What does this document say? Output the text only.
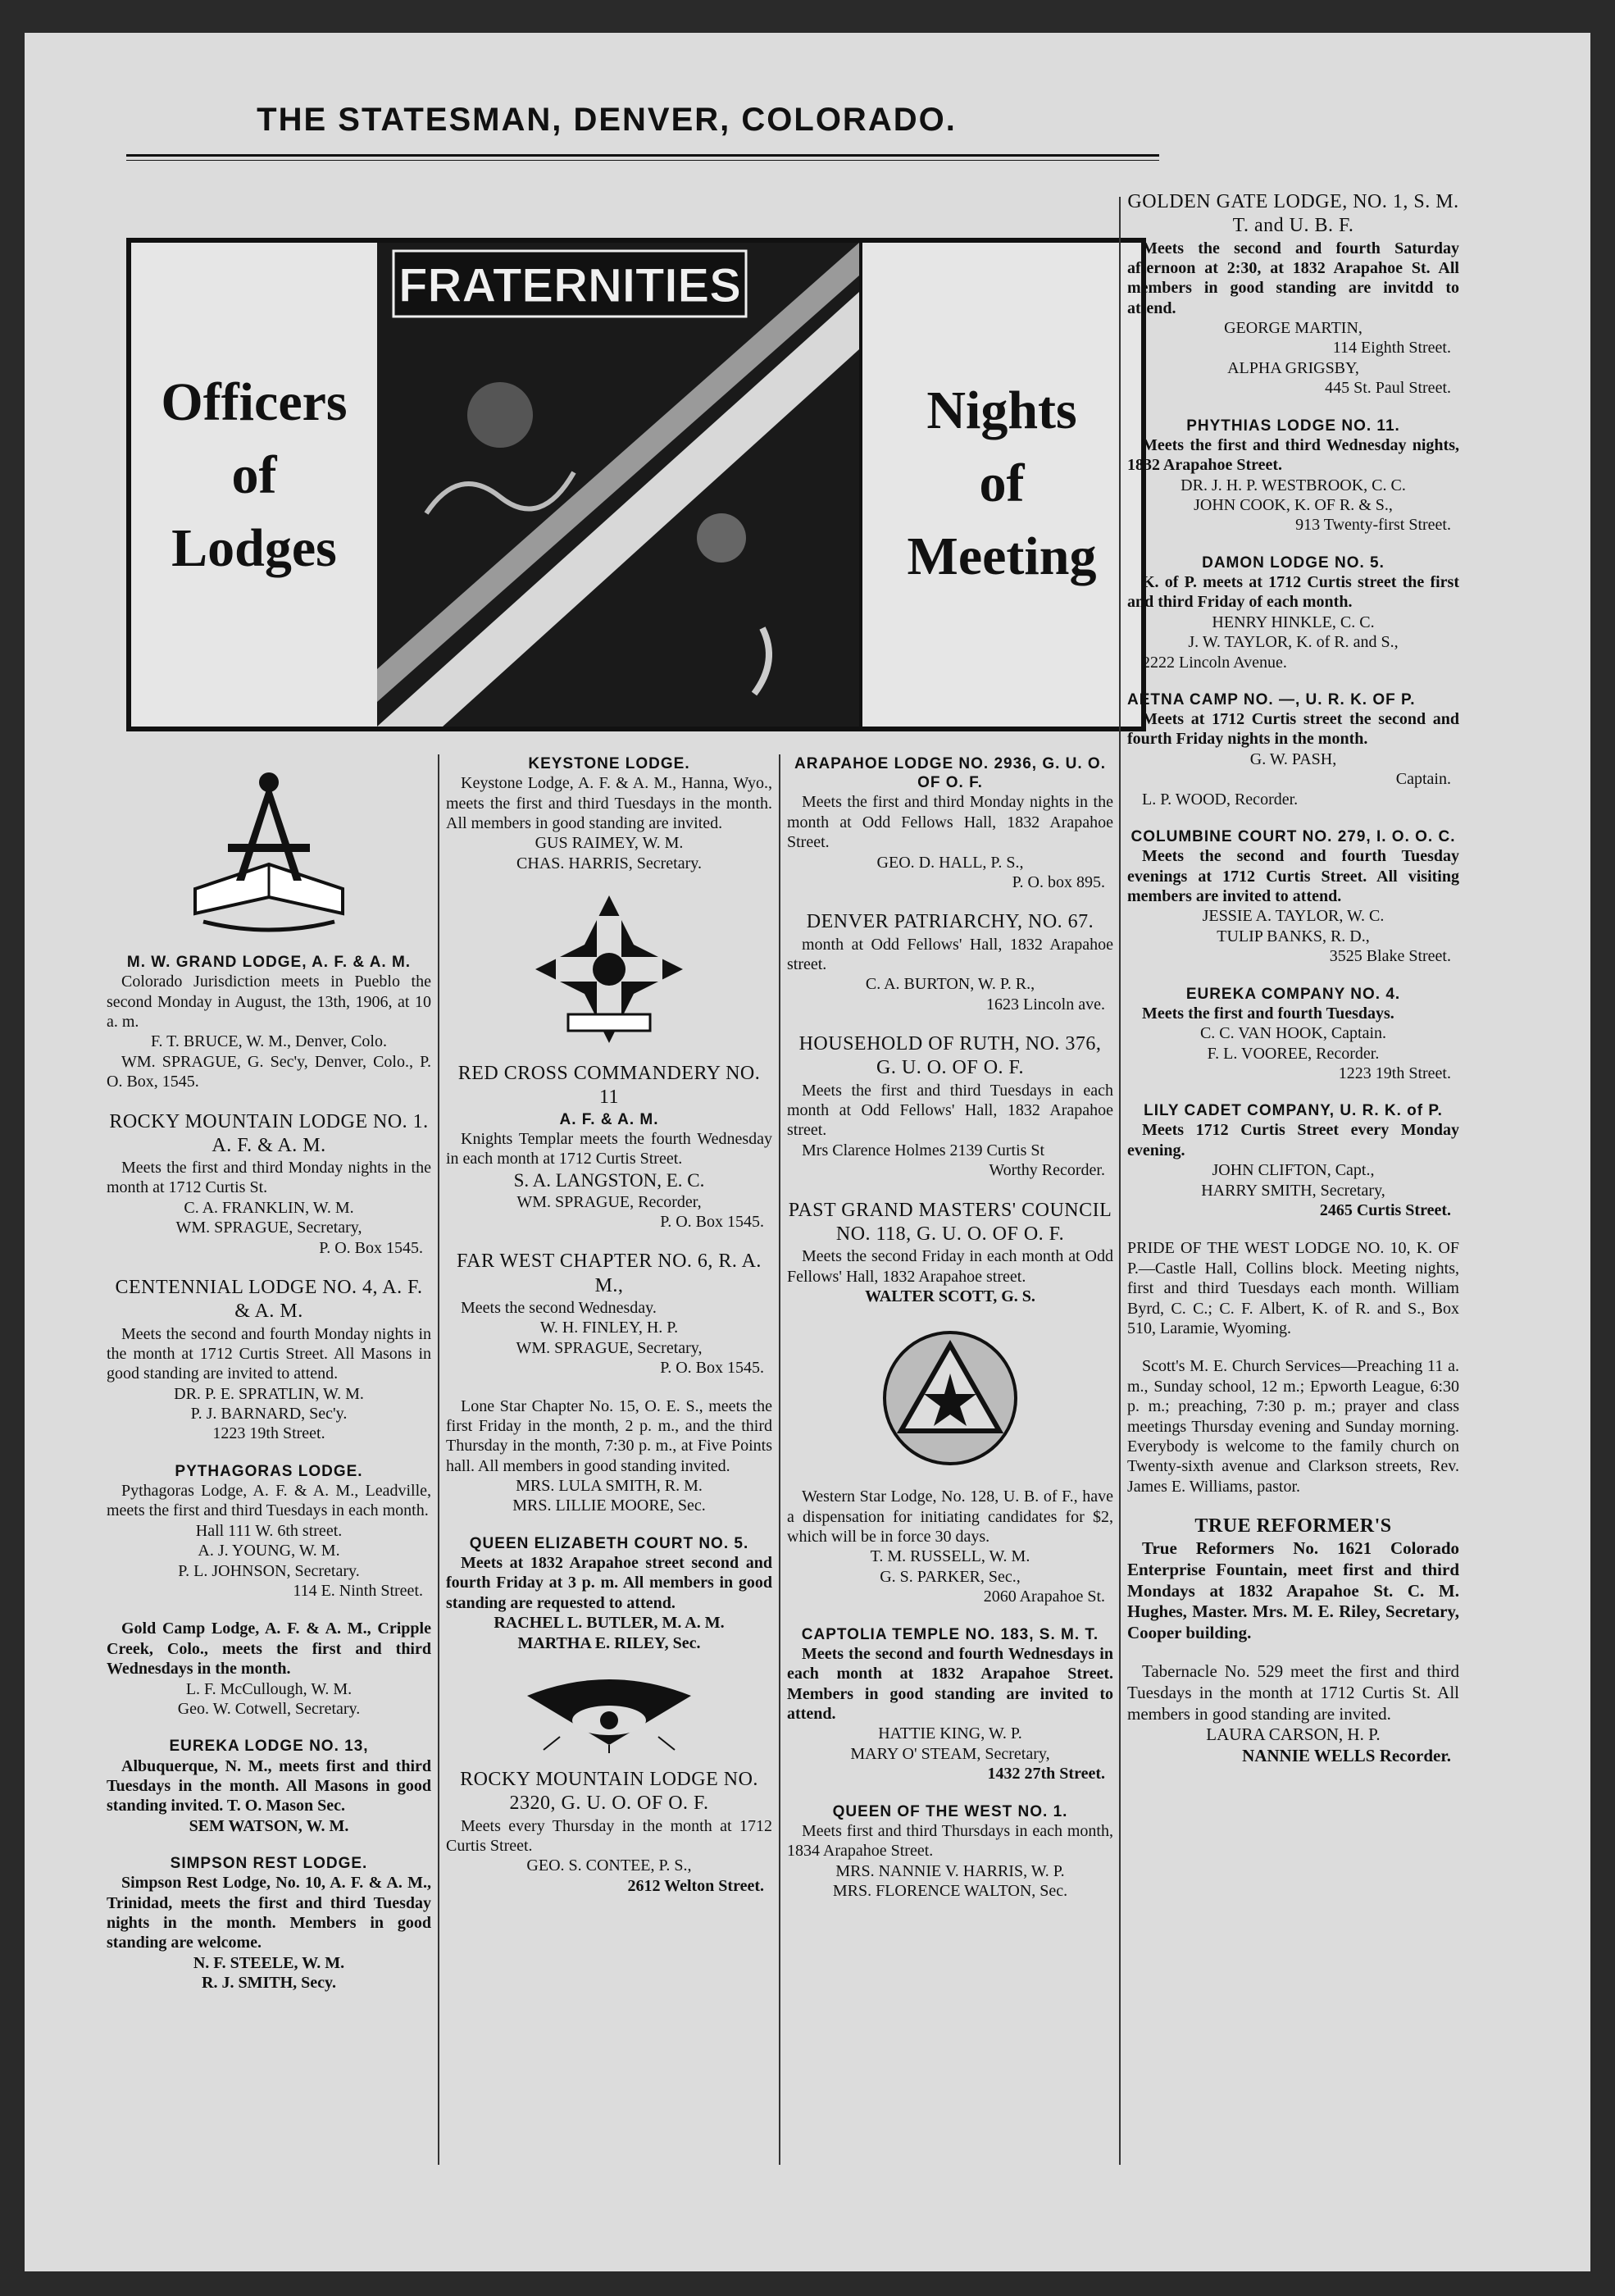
THE STATESMAN, DENVER, COLORADO.
Officers
of
Lodges
FRATERNITIES
Nights
of
Meeting

M. W. GRAND LODGE, A. F. & A. M.

Colorado Jurisdiction meets in Pueblo the second Monday in August, the 13th, 1906, at 10 a. m.

F. T. BRUCE, W. M., Denver, Colo.

WM. SPRAGUE, G. Sec'y, Denver, Colo., P. O. Box, 1545.

ROCKY MOUNTAIN LODGE NO. 1. A. F. & A. M.

Meets the first and third Monday nights in the month at 1712 Curtis St.

C. A. FRANKLIN, W. M.

WM. SPRAGUE, Secretary,

P. O. Box 1545.

CENTENNIAL LODGE NO. 4, A. F. & A. M.

Meets the second and fourth Monday nights in the month at 1712 Curtis Street. All Masons in good standing are invited to attend.

DR. P. E. SPRATLIN, W. M.

P. J. BARNARD, Sec'y.

1223 19th Street.

PYTHAGORAS LODGE.

Pythagoras Lodge, A. F. & A. M., Leadville, meets the first and third Tuesdays in each month.

Hall 111 W. 6th street.

A. J. YOUNG, W. M.

P. L. JOHNSON, Secretary.

114 E. Ninth Street.

Gold Camp Lodge, A. F. & A. M., Cripple Creek, Colo., meets the first and third Wednesdays in the month.

L. F. McCullough, W. M.

Geo. W. Cotwell, Secretary.

EUREKA LODGE NO. 13,

Albuquerque, N. M., meets first and third Tuesdays in the month. All Masons in good standing invited. T. O. Mason Sec.

SEM WATSON, W. M.

SIMPSON REST LODGE.

Simpson Rest Lodge, No. 10, A. F. & A. M., Trinidad, meets the first and third Tuesday nights in the month. Members in good standing are welcome.

N. F. STEELE, W. M.

R. J. SMITH, Secy.

KEYSTONE LODGE.

Keystone Lodge, A. F. & A. M., Hanna, Wyo., meets the first and third Tuesdays in the month. All members in good standing are invited.

GUS RAIMEY, W. M.

CHAS. HARRIS, Secretary.

RED CROSS COMMANDERY NO. 11

A. F. & A. M.

Knights Templar meets the fourth Wednesday in each month at 1712 Curtis Street.

S. A. LANGSTON, E. C.

WM. SPRAGUE, Recorder,

P. O. Box 1545.

FAR WEST CHAPTER NO. 6, R. A. M.,

Meets the second Wednesday.

W. H. FINLEY, H. P.

WM. SPRAGUE, Secretary,

P. O. Box 1545.

Lone Star Chapter No. 15, O. E. S., meets the first Friday in the month, 2 p. m., and the third Thursday in the month, 7:30 p. m., at Five Points hall. All members in good standing invited.

MRS. LULA SMITH, R. M.

MRS. LILLIE MOORE, Sec.

QUEEN ELIZABETH COURT NO. 5.

Meets at 1832 Arapahoe street second and fourth Friday at 3 p. m. All members in good standing are requested to attend.

RACHEL L. BUTLER, M. A. M.

MARTHA E. RILEY, Sec.

ROCKY MOUNTAIN LODGE NO. 2320, G. U. O. OF O. F.

Meets every Thursday in the month at 1712 Curtis Street.

GEO. S. CONTEE, P. S.,

2612 Welton Street.

ARAPAHOE LODGE NO. 2936, G. U. O. OF O. F.

Meets the first and third Monday nights in the month at Odd Fellows Hall, 1832 Arapahoe Street.

GEO. D. HALL, P. S.,

P. O. box 895.

DENVER PATRIARCHY, NO. 67.

month at Odd Fellows' Hall, 1832 Arapahoe street.

C. A. BURTON, W. P. R.,

1623 Lincoln ave.

HOUSEHOLD OF RUTH, NO. 376, G. U. O. OF O. F.

Meets the first and third Tuesdays in each month at Odd Fellows' Hall, 1832 Arapahoe street.

Mrs Clarence Holmes 2139 Curtis St

Worthy Recorder.

PAST GRAND MASTERS' COUNCIL NO. 118, G. U. O. OF O. F.

Meets the second Friday in each month at Odd Fellows' Hall, 1832 Arapahoe street.

WALTER SCOTT, G. S.

Western Star Lodge, No. 128, U. B. of F., have a dispensation for initiating candidates for $2, which will be in force 30 days.

T. M. RUSSELL, W. M.

G. S. PARKER, Sec.,

2060 Arapahoe St.

CAPTOLIA TEMPLE NO. 183, S. M. T.

Meets the second and fourth Wednesdays in each month at 1832 Arapahoe Street. Members in good standing are invited to attend.

HATTIE KING, W. P.

MARY O' STEAM, Secretary,

1432 27th Street.

QUEEN OF THE WEST NO. 1.

Meets first and third Thursdays in each month, 1834 Arapahoe Street.

MRS. NANNIE V. HARRIS, W. P.

MRS. FLORENCE WALTON, Sec.

GOLDEN GATE LODGE, NO. 1, S. M. T. and U. B. F.

Meets the second and fourth Saturday afternoon at 2:30, at 1832 Arapahoe St. All members in good standing are invitdd to attend.

GEORGE MARTIN,

114 Eighth Street.

ALPHA GRIGSBY,

445 St. Paul Street.

PHYTHIAS LODGE NO. 11.

Meets the first and third Wednesday nights, 1832 Arapahoe Street.

DR. J. H. P. WESTBROOK, C. C.

JOHN COOK, K. OF R. & S.,

913 Twenty-first Street.

DAMON LODGE NO. 5.

K. of P. meets at 1712 Curtis street the first and third Friday of each month.

HENRY HINKLE, C. C.

J. W. TAYLOR, K. of R. and S.,

2222 Lincoln Avenue.

AETNA CAMP NO. —, U. R. K. OF P.

Meets at 1712 Curtis street the second and fourth Friday nights in the month.

G. W. PASH,

Captain.

L. P. WOOD, Recorder.

COLUMBINE COURT NO. 279, I. O. O. C.

Meets the second and fourth Tuesday evenings at 1712 Curtis Street. All visiting members are invited to attend.

JESSIE A. TAYLOR, W. C.

TULIP BANKS, R. D.,

3525 Blake Street.

EUREKA COMPANY NO. 4.

Meets the first and fourth Tuesdays.

C. C. VAN HOOK, Captain.

F. L. VOOREE, Recorder.

1223 19th Street.

LILY CADET COMPANY, U. R. K. of P.

Meets 1712 Curtis Street every Monday evening.

JOHN CLIFTON, Capt.,

HARRY SMITH, Secretary,

2465 Curtis Street.

PRIDE OF THE WEST LODGE NO. 10, K. OF P.—Castle Hall, Collins block. Meeting nights, first and third Tuesdays each month. William Byrd, C. C.; C. F. Albert, K. of R. and S., Box 510, Laramie, Wyoming.

Scott's M. E. Church Services—Preaching 11 a. m., Sunday school, 12 m.; Epworth League, 6:30 p. m.; preaching, 7:30 p. m.; prayer and class meetings Thursday evening and Sunday morning. Everybody is welcome to the family church on Twenty-sixth avenue and Clarkson streets, Rev. James E. Williams, pastor.

TRUE REFORMER'S

True Reformers No. 1621 Colorado Enterprise Fountain, meet first and third Mondays at 1832 Arapahoe St. C. M. Hughes, Master. Mrs. M. E. Riley, Secretary, Cooper building.

Tabernacle No. 529 meet the first and third Tuesdays in the month at 1712 Curtis St. All members in good standing are invited.

LAURA CARSON, H. P.

NANNIE WELLS Recorder.
